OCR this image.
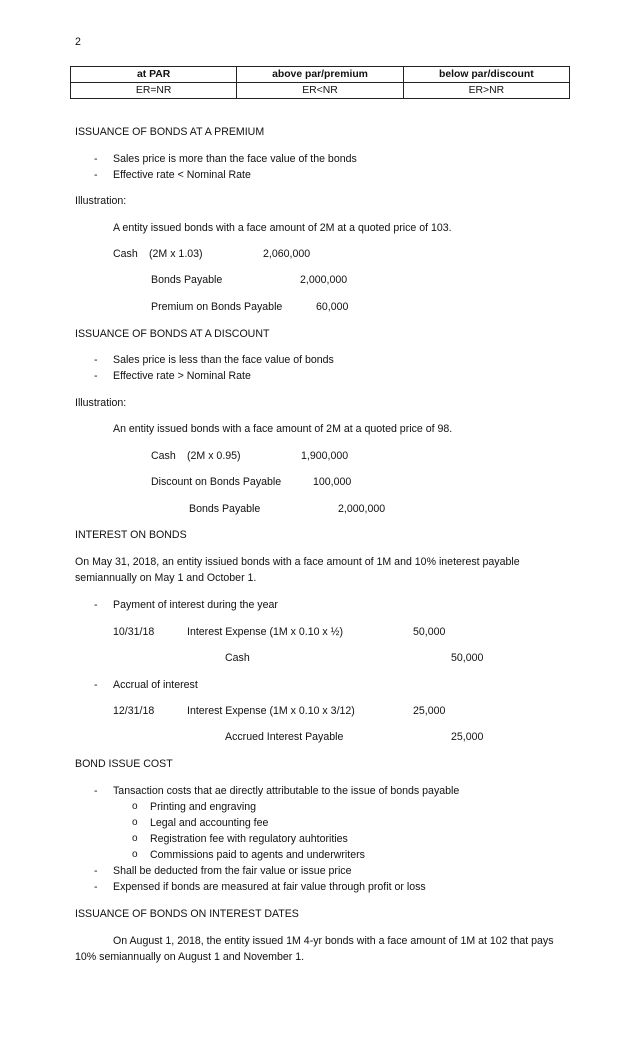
2
at PAR	above par/premium	below par/discount
ER=NR	ER<NR	ER>NR
ISSUANCE OF BONDS AT A PREMIUM
- Sales price is more than the face value of the bonds
- Effective rate < Nominal Rate
Illustration:
A entity issued bonds with a face amount of 2M at a quoted price of 103.
Cash (2M x 1.03)	2,060,000
Bonds Payable	2,000,000
Premium on Bonds Payable	60,000
ISSUANCE OF BONDS AT A DISCOUNT
- Sales price is less than the face value of bonds
- Effective rate > Nominal Rate
Illustration:
An entity issued bonds with a face amount of 2M at a quoted price of 98.
Cash (2M x 0.95)	1,900,000
Discount on Bonds Payable	100,000
Bonds Payable	2,000,000
INTEREST ON BONDS
On May 31, 2018, an entity issiued bonds with a face amount of 1M and 10% ineterest payable
semiannually on May 1 and October 1.
- Payment of interest during the year
10/31/18	Interest Expense (1M x 0.10 x ½)	50,000
Cash	50,000
- Accrual of interest
12/31/18	Interest Expense (1M x 0.10 x 3/12)	25,000
Accrued Interest Payable	25,000
BOND ISSUE COST
- Tansaction costs that ae directly attributable to the issue of bonds payable
o Printing and engraving
o Legal and accounting fee
o Registration fee with regulatory auhtorities
o Commissions paid to agents and underwriters
- Shall be deducted from the fair value or issue price
- Expensed if bonds are measured at fair value through profit or loss
ISSUANCE OF BONDS ON INTEREST DATES
On August 1, 2018, the entity issued 1M 4-yr bonds with a face amount of 1M at 102 that pays
10% semiannually on August 1 and November 1.
